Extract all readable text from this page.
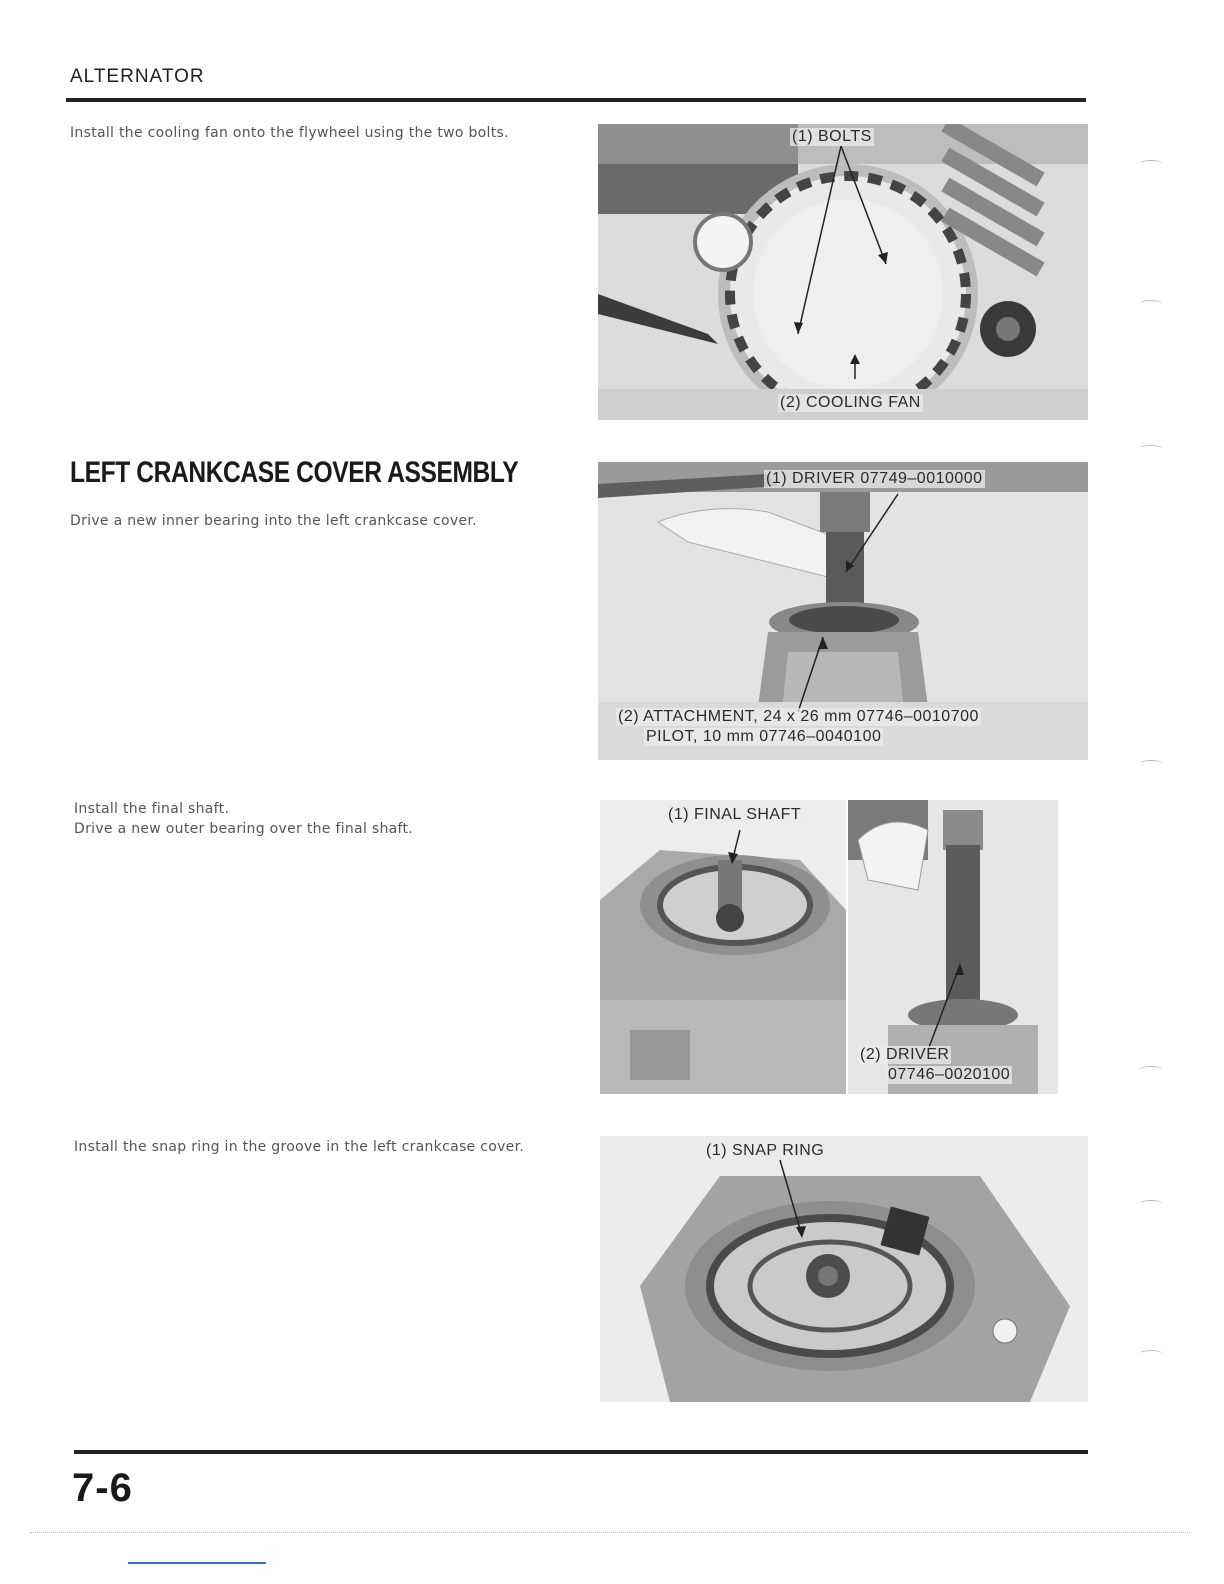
ALTERNATOR
Install the cooling fan onto the flywheel using the two bolts.	(1) BOLTS
(2) COOLING FAN
LEFT CRANKCASE COVER ASSEMBLY
Drive a new inner bearing into the left crankcase cover.
(1) DRIVER 07749–0010000
(2) ATTACHMENT, 24 x 26 mm 07746–0010700
PILOT, 10 mm 07746–0040100
Install the final shaft.
Drive a new outer bearing over the final shaft.
(1) FINAL SHAFT
(2) DRIVER
07746–0020100
Install the snap ring in the groove in the left crankcase cover.	(1) SNAP RING
7-6
